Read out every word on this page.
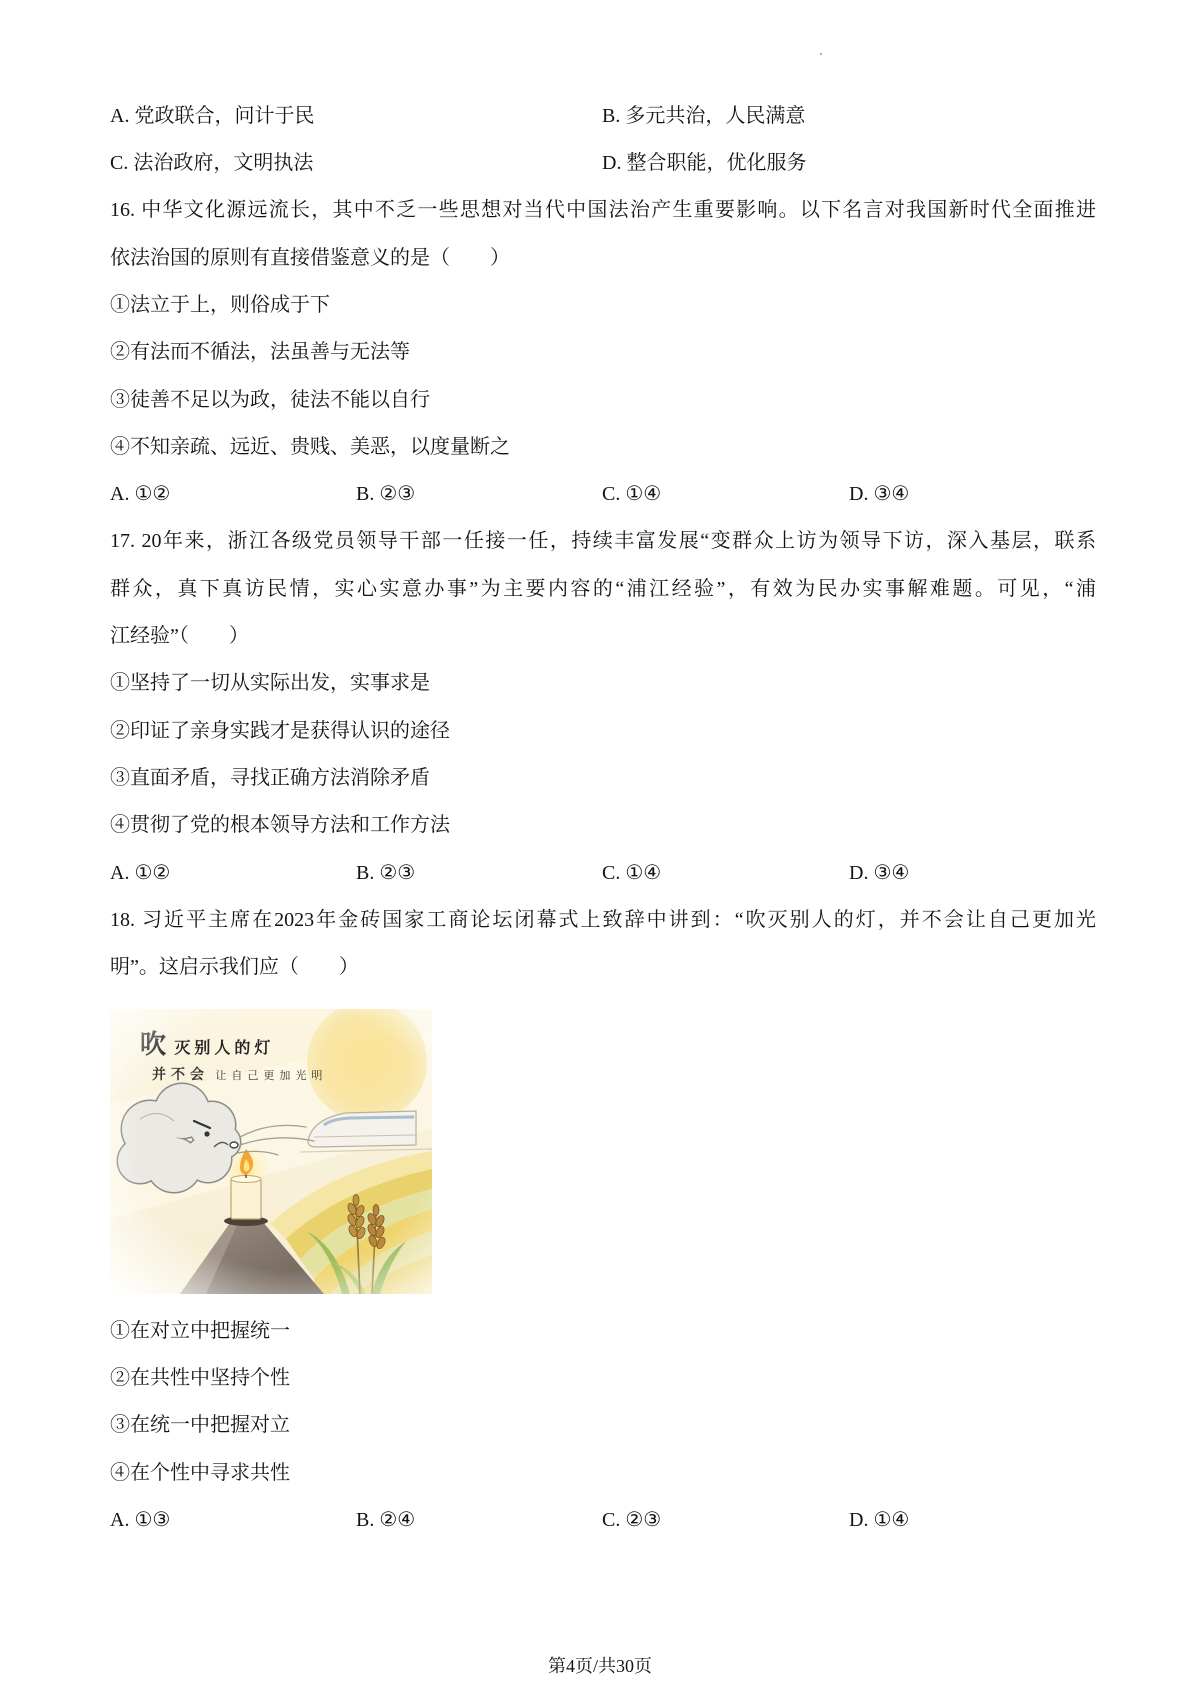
A. 党政联合，问计于民	B. 多元共治，人民满意
C. 法治政府，文明执法	D. 整合职能，优化服务
16. 中华文化源远流长，其中不乏一些思想对当代中国法治产生重要影响。以下名言对我国新时代全面推进
依法治国的原则有直接借鉴意义的是（　　）
①法立于上，则俗成于下
②有法而不循法，法虽善与无法等
③徒善不足以为政，徒法不能以自行
④不知亲疏、远近、贵贱、美恶，以度量断之
A. ①②	B. ②③	C. ①④	D. ③④
17. 20年来，浙江各级党员领导干部一任接一任，持续丰富发展“变群众上访为领导下访，深入基层，联系
群众，真下真访民情，实心实意办事”为主要内容的“浦江经验”，有效为民办实事解难题。可见，“浦
江经验”（　　）
①坚持了一切从实际出发，实事求是
②印证了亲身实践才是获得认识的途径
③直面矛盾，寻找正确方法消除矛盾
④贯彻了党的根本领导方法和工作方法
A. ①②	B. ②③	C. ①④	D. ③④
18. 习近平主席在2023年金砖国家工商论坛闭幕式上致辞中讲到：“吹灭别人的灯，并不会让自己更加光
明”。这启示我们应（　　）
①在对立中把握统一
②在共性中坚持个性
③在统一中把握对立
④在个性中寻求共性
A. ①③	B. ②④	C. ②③	D. ①④
第4页/共30页
